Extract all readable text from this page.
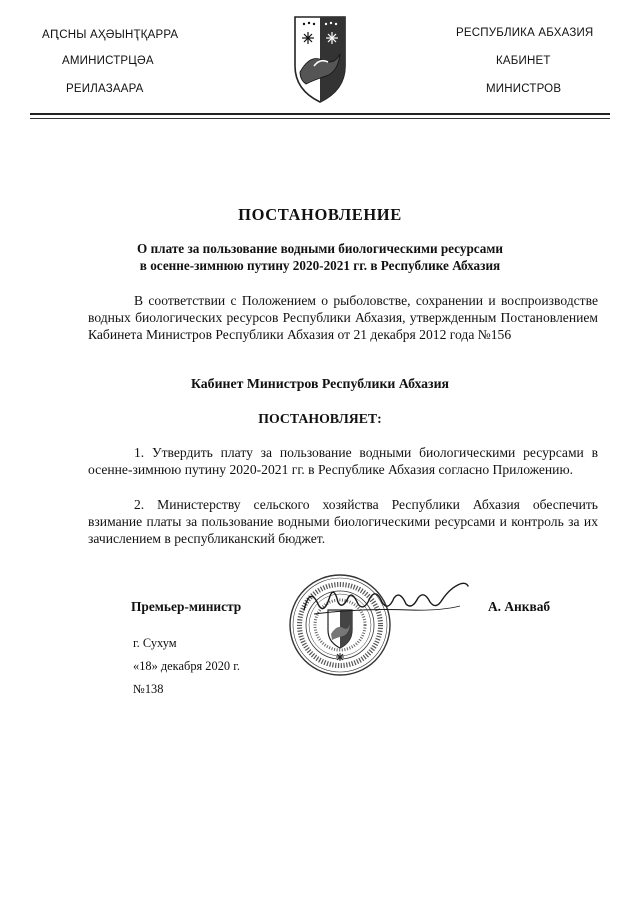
АԤСНЫ АҲӘЫНҬҚАРРА
АМИНИСТРЦӘА
РЕИЛАЗААРА
РЕСПУБЛИКА АБХАЗИЯ
КАБИНЕТ
МИНИСТРОВ
ПОСТАНОВЛЕНИЕ
О плате за пользование водными биологическими ресурсами
в осенне-зимнюю путину 2020-2021 гг. в Республике Абхазия
В соответствии с Положением о рыболовстве, сохранении и воспроизводстве водных биологических ресурсов Республики Абхазия, утвержденным Постановлением Кабинета Министров Республики Абхазия от 21 декабря 2012 года №156
Кабинет Министров Республики Абхазия
ПОСТАНОВЛЯЕТ:
1. Утвердить плату за пользование водными биологическими ресурсами в осенне-зимнюю путину 2020-2021 гг. в Республике Абхазия согласно Приложению.
2. Министерству сельского хозяйства Республики Абхазия обеспечить взимание платы за пользование водными биологическими ресурсами и контроль за их зачислением в республиканский бюджет.
Премьер-министр	А. Анкваб
г. Сухум
«18» декабря 2020 г.
№138
